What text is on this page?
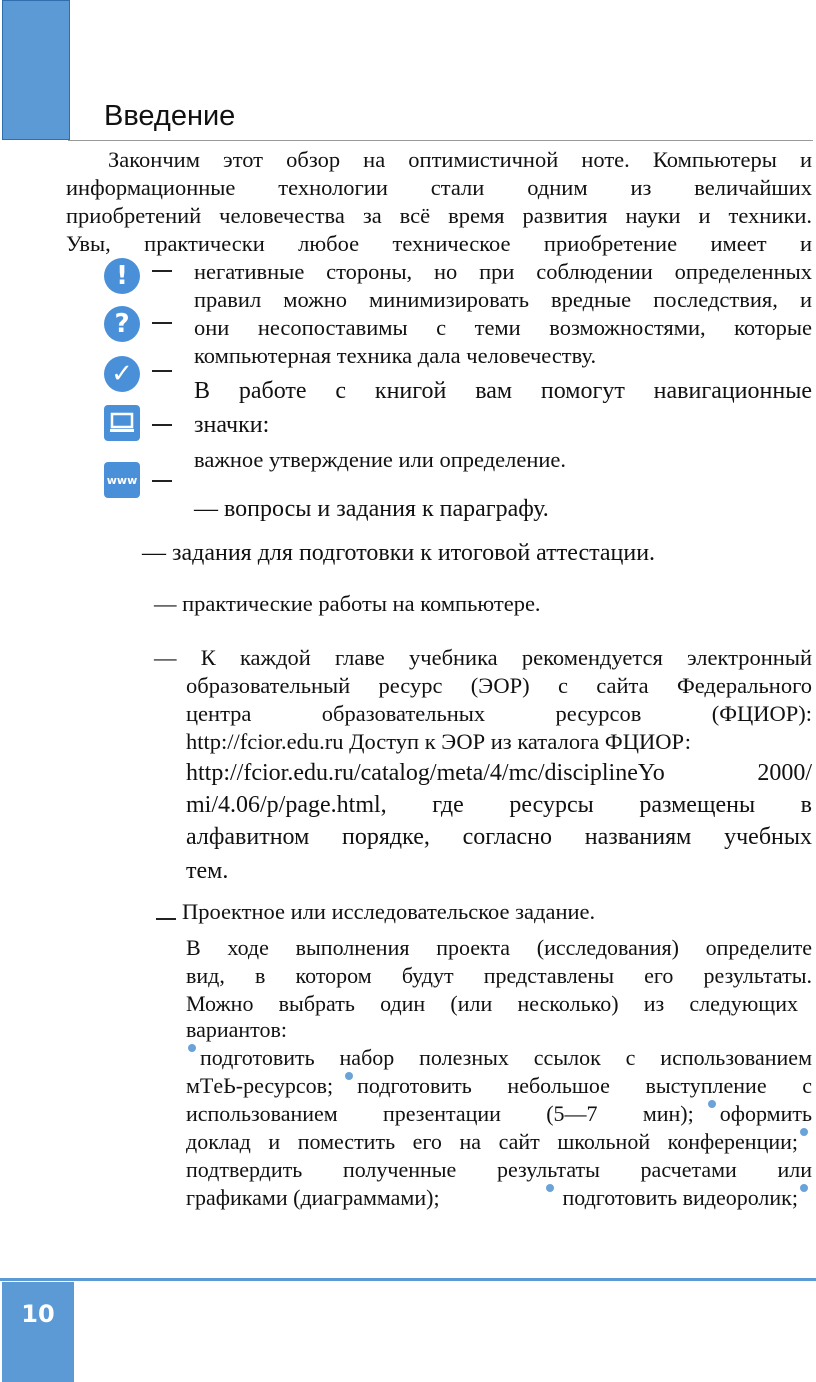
Введение
Закончим этот обзор на оптимистичной ноте. Компьютеры и
информационные технологии стали одним из величайших
приобретений человечества за всё время развития науки и техники.
Увы, практически любое техническое приобретение имеет и
негативные стороны, но при соблюдении определенных
правил можно минимизировать вредные последствия, и
они несопоставимы с теми возможностями, которые
компьютерная техника дала человечеству.
!
?
✓
www
В работе с книгой вам помогут навигационные
значки:
важное утверждение или определение.
— вопросы и задания к параграфу.
— задания для подготовки к итоговой аттестации.
— практические работы на компьютере.
— К каждой главе учебника рекомендуется электронный
образовательный ресурс (ЭОР) с сайта Федерального
центра образовательных ресурсов (ФЦИОР):
http://fcior.edu.ru Доступ к ЭОР из каталога ФЦИОР:
http://fcior.edu.ru/catalog/meta/4/mc/disciplineYo 2000/
mi/4.06/p/page.html, где ресурсы размещены в
алфавитном порядке, согласно названиям учебных
тем.
Проектное или исследовательское задание.
В ходе выполнения проекта (исследования) определите
вид, в котором будут представлены его результаты.
Можно выбрать один (или несколько) из следующих
вариантов:
подготовить набор полезных ссылок с использованием
мTеЬ-ресурсов; подготовить небольшое выступление с
использованием презентации (5—7 мин); оформить
доклад и поместить его на сайт школьной конференции;
подтвердить полученные результаты расчетами или
графиками (диаграммами);	подготовить видеоролик;
10
